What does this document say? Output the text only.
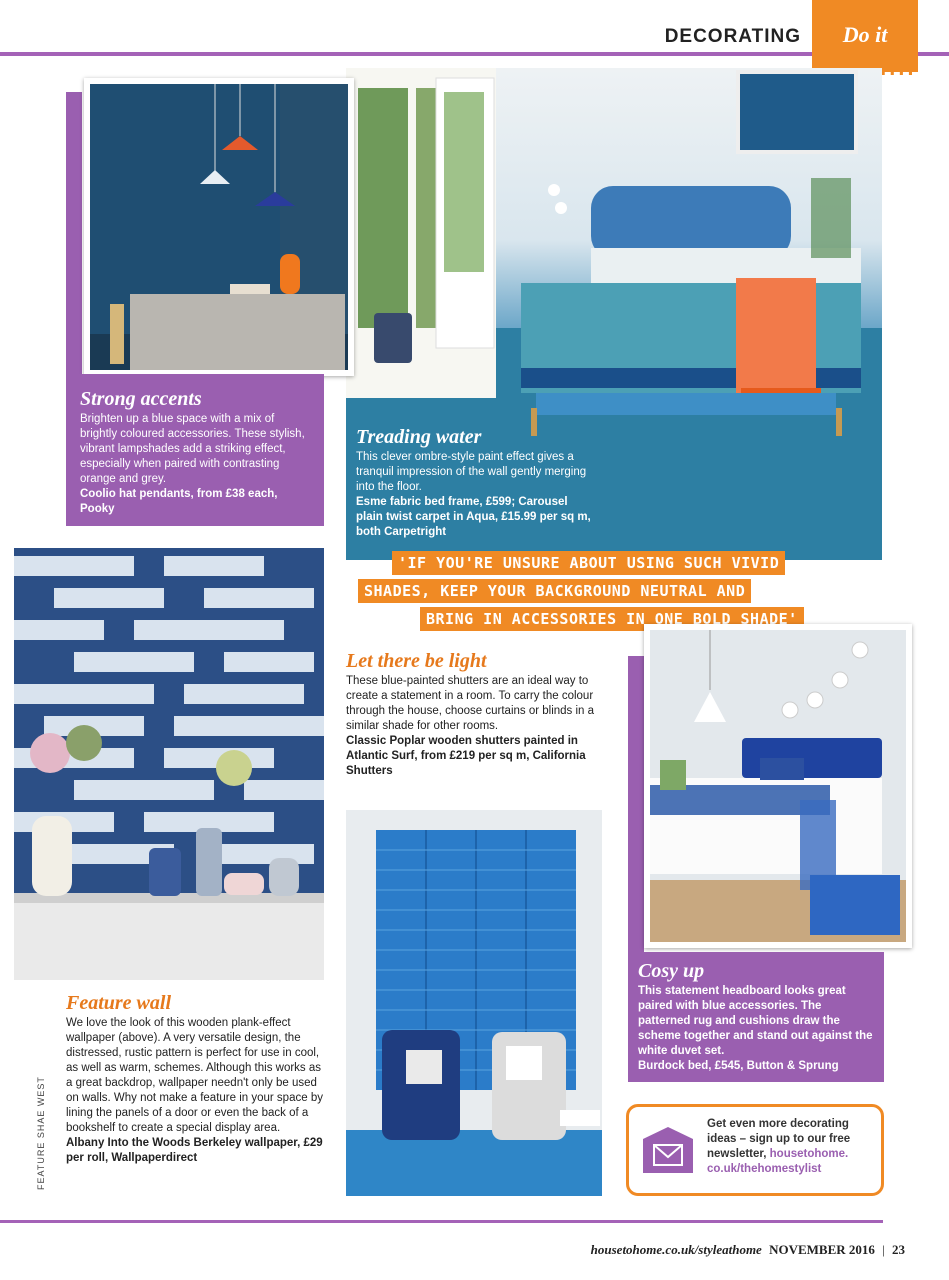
DECORATING	Do it
Strong accents
Brighten up a blue space with a mix of brightly coloured accessories. These stylish, vibrant lampshades add a striking effect, especially when paired with contrasting orange and grey.
Coolio hat pendants, from £38 each, Pooky
Treading water
This clever ombre-style paint effect gives a tranquil impression of the wall gently merging into the floor.
Esme fabric bed frame, £599; Carousel plain twist carpet in Aqua, £15.99 per sq m, both Carpetright
'IF YOU'RE UNSURE ABOUT USING SUCH VIVID
SHADES, KEEP YOUR BACKGROUND NEUTRAL AND
BRING IN ACCESSORIES IN ONE BOLD SHADE'
Let there be light
These blue-painted shutters are an ideal way to create a statement in a room. To carry the colour through the house, choose curtains or blinds in a similar shade for other rooms.
Classic Poplar wooden shutters painted in Atlantic Surf, from £219 per sq m, California Shutters
Cosy up
This statement headboard looks great paired with blue accessories. The patterned rug and cushions draw the scheme together and stand out against the white duvet set.
Burdock bed, £545, Button & Sprung
Feature wall
We love the look of this wooden plank-effect wallpaper (above). A very versatile design, the distressed, rustic pattern is perfect for use in cool, as well as warm, schemes. Although this works as a great backdrop, wallpaper needn't only be used on walls. Why not make a feature in your space by lining the panels of a door or even the back of a bookshelf to create a special display area.
Albany Into the Woods Berkeley wallpaper, £29 per roll, Wallpaperdirect
FEATURE SHAE WEST	Get even more decorating ideas – sign up to our free newsletter, housetohome. co.uk/thehomestylist
housetohome.co.uk/styleathome NOVEMBER 2016 | 23
